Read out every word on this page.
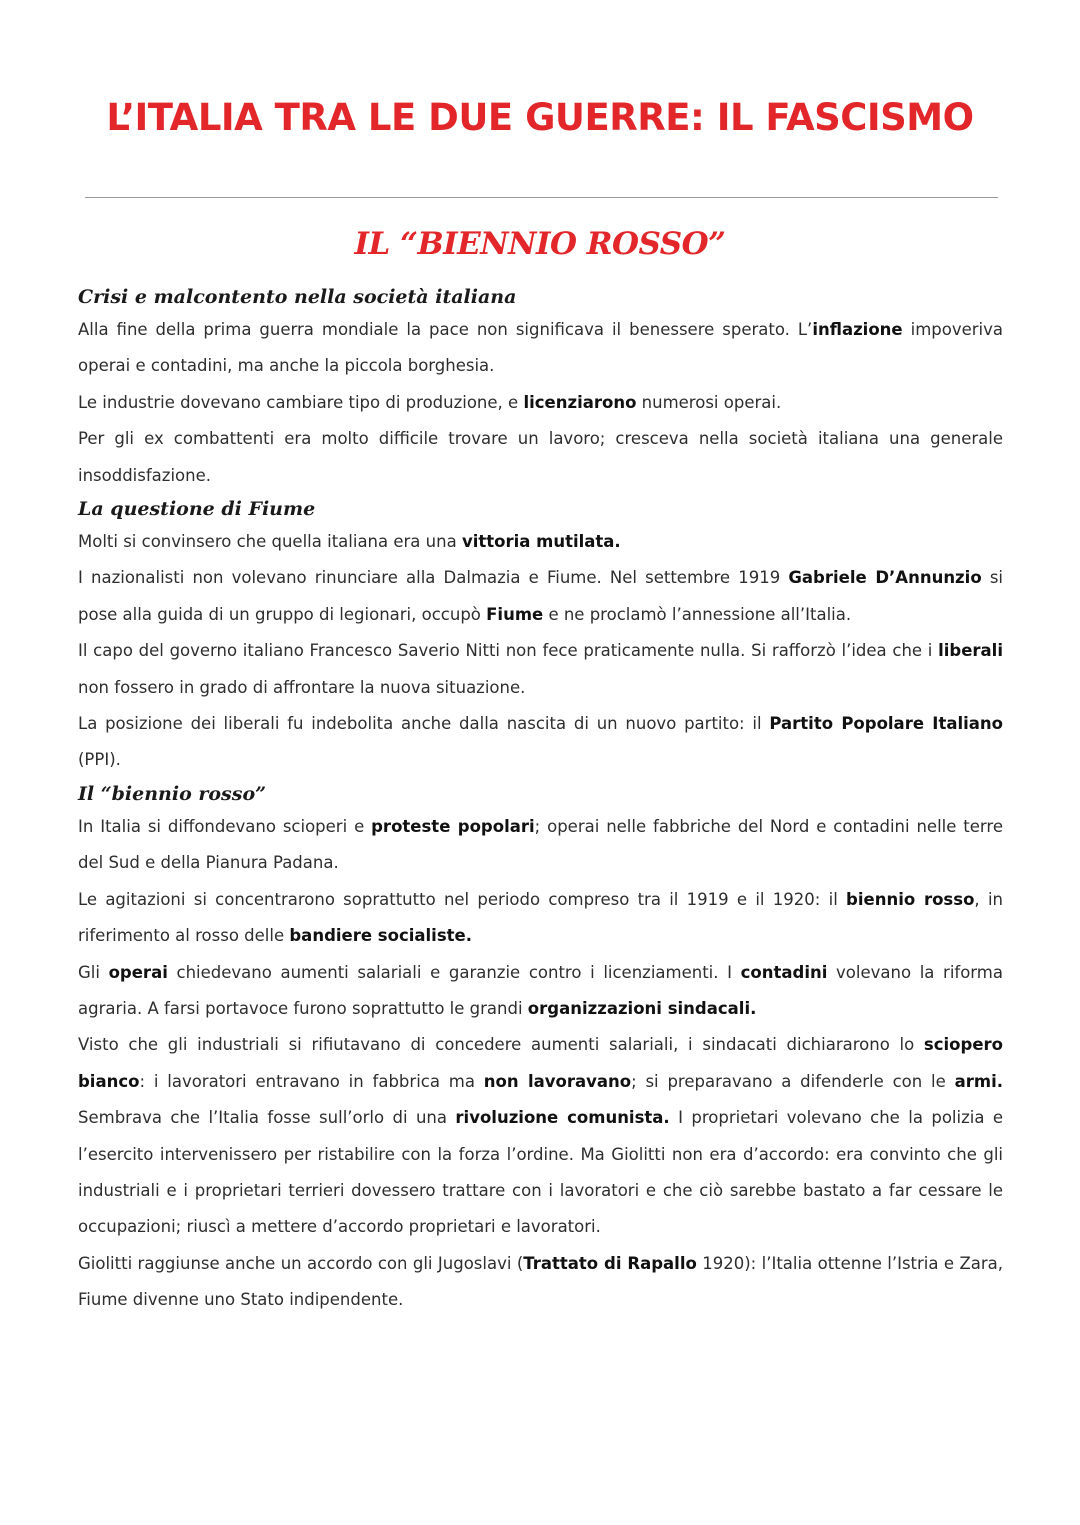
L’ITALIA TRA LE DUE GUERRE: IL FASCISMO
IL “BIENNIO ROSSO”
Crisi e malcontento nella società italiana

Alla fine della prima guerra mondiale la pace non significava il benessere sperato. L’inflazione impoveriva operai e contadini, ma anche la piccola borghesia.

Le industrie dovevano cambiare tipo di produzione, e licenziarono numerosi operai.

Per gli ex combattenti era molto difficile trovare un lavoro; cresceva nella società italiana una generale insoddisfazione.

La questione di Fiume

Molti si convinsero che quella italiana era una vittoria mutilata.

I nazionalisti non volevano rinunciare alla Dalmazia e Fiume. Nel settembre 1919 Gabriele D’Annunzio si pose alla guida di un gruppo di legionari, occupò Fiume e ne proclamò l’annessione all’Italia.

Il capo del governo italiano Francesco Saverio Nitti non fece praticamente nulla. Si rafforzò l’idea che i liberali non fossero in grado di affrontare la nuova situazione.

La posizione dei liberali fu indebolita anche dalla nascita di un nuovo partito: il Partito Popolare Italiano (PPI).

Il “biennio rosso”

In Italia si diffondevano scioperi e proteste popolari; operai nelle fabbriche del Nord e contadini nelle terre del Sud e della Pianura Padana.

Le agitazioni si concentrarono soprattutto nel periodo compreso tra il 1919 e il 1920: il biennio rosso, in riferimento al rosso delle bandiere socialiste.

Gli operai chiedevano aumenti salariali e garanzie contro i licenziamenti. I contadini volevano la riforma agraria. A farsi portavoce furono soprattutto le grandi organizzazioni sindacali.

Visto che gli industriali si rifiutavano di concedere aumenti salariali, i sindacati dichiararono lo sciopero bianco: i lavoratori entravano in fabbrica ma non lavoravano; si preparavano a difenderle con le armi. Sembrava che l’Italia fosse sull’orlo di una rivoluzione comunista. I proprietari volevano che la polizia e l’esercito intervenissero per ristabilire con la forza l’ordine. Ma Giolitti non era d’accordo: era convinto che gli industriali e i proprietari terrieri dovessero trattare con i lavoratori e che ciò sarebbe bastato a far cessare le occupazioni; riuscì a mettere d’accordo proprietari e lavoratori.

Giolitti raggiunse anche un accordo con gli Jugoslavi (Trattato di Rapallo 1920): l’Italia ottenne l’Istria e Zara, Fiume divenne uno Stato indipendente.
